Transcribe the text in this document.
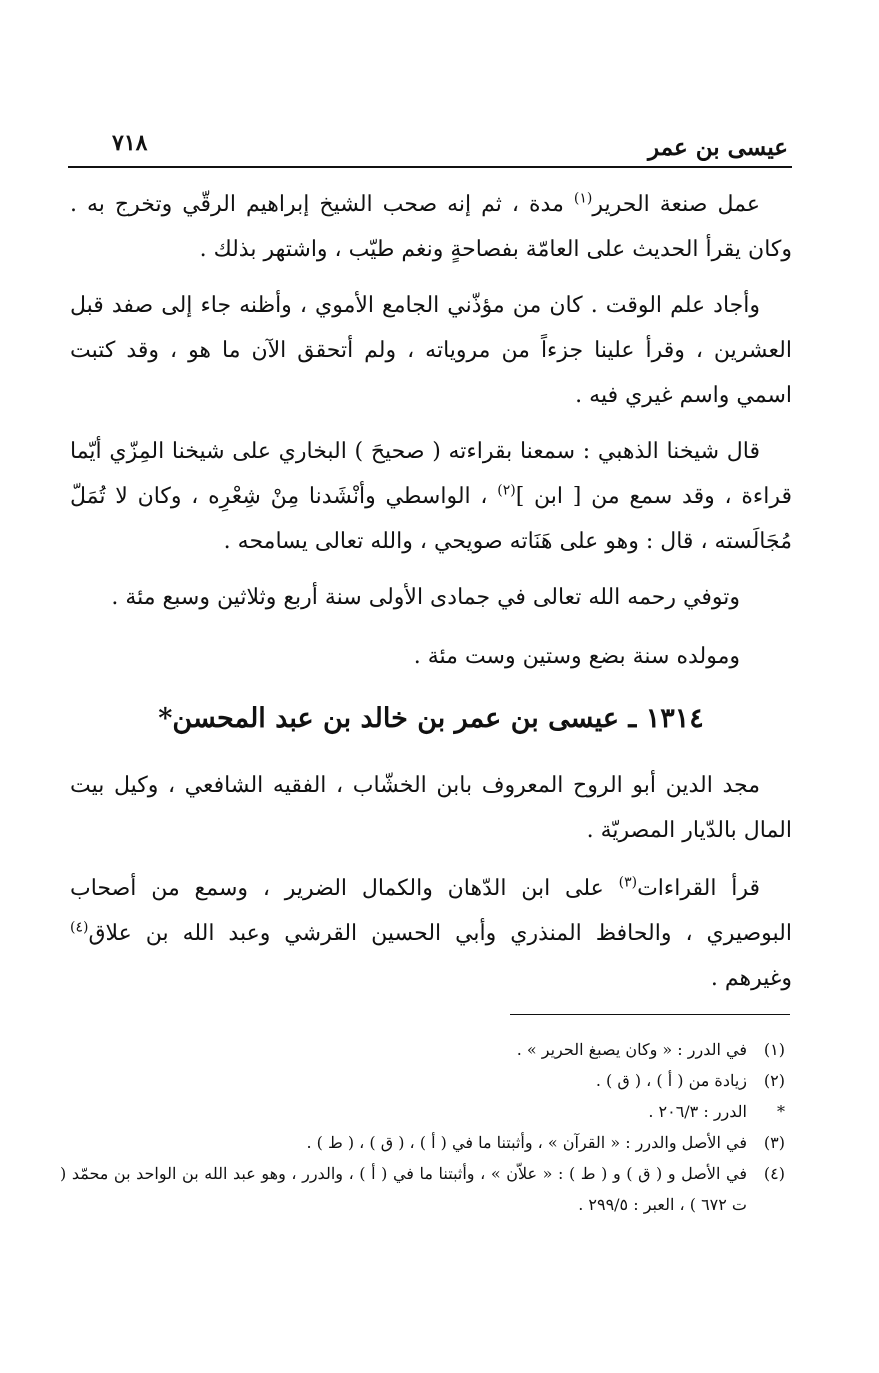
عيسى بن عمر
٧١٨

عمل صنعة الحرير$^{(١)}$ مدة ، ثم إنه صحب الشيخ إبراهيم الرقّي وتخرج به . وكان يقرأ الحديث على العامّة بفصاحةٍ ونغم طيّب ، واشتهر بذلك .

وأجاد علم الوقت . كان من مؤذّني الجامع الأموي ، وأظنه جاء إلى صفد قبل العشرين ، وقرأ علينا جزءاً من مروياته ، ولم أتحقق الآن ما هو ، وقد كتبت اسمي واسم غيري فيه .

قال شيخنا الذهبي : سمعنا بقراءته ( صحيحَ ) البخاري على شيخنا المِزّي أيّما قراءة ، وقد سمع من [ ابن ]$^{(٢)}$ ، الواسطي وأنْشَدنا مِنْ شِعْرِه ، وكان لا تُمَلّ مُجَالَسته ، قال : وهو على هَنَاته صويحي ، والله تعالى يسامحه .

وتوفي رحمه الله تعالى في جمادى الأولى سنة أربع وثلاثين وسبع مئة .

ومولده سنة بضع وستين وست مئة .

١٣١٤ ـ عيسى بن عمر بن خالد بن عبد المحسن*

مجد الدين أبو الروح المعروف بابن الخشّاب ، الفقيه الشافعي ، وكيل بيت المال بالدّيار المصريّة .

قرأ القراءات$^{(٣)}$ على ابن الدّهان والكمال الضرير ، وسمع من أصحاب البوصيري ، والحافظ المنذري وأبي الحسين القرشي وعبد الله بن علاق$^{(٤)}$ وغيرهم .

(١)
في الدرر : « وكان يصبغ الحرير » .
(٢)
زيادة من ( أ ) ، ( ق ) .
*
الدرر : ٢٠٦/٣ .
(٣)
في الأصل والدرر : « القرآن » ، وأثبتنا ما في ( أ ) ، ( ق ) ، ( ط ) .
(٤)
في الأصل و ( ق ) و ( ط ) : « علاّن » ، وأثبتنا ما في ( أ ) ، والدرر ، وهو عبد الله بن الواحد بن محمّد ( ت ٦٧٢ ) ، العبر : ٢٩٩/٥ .
